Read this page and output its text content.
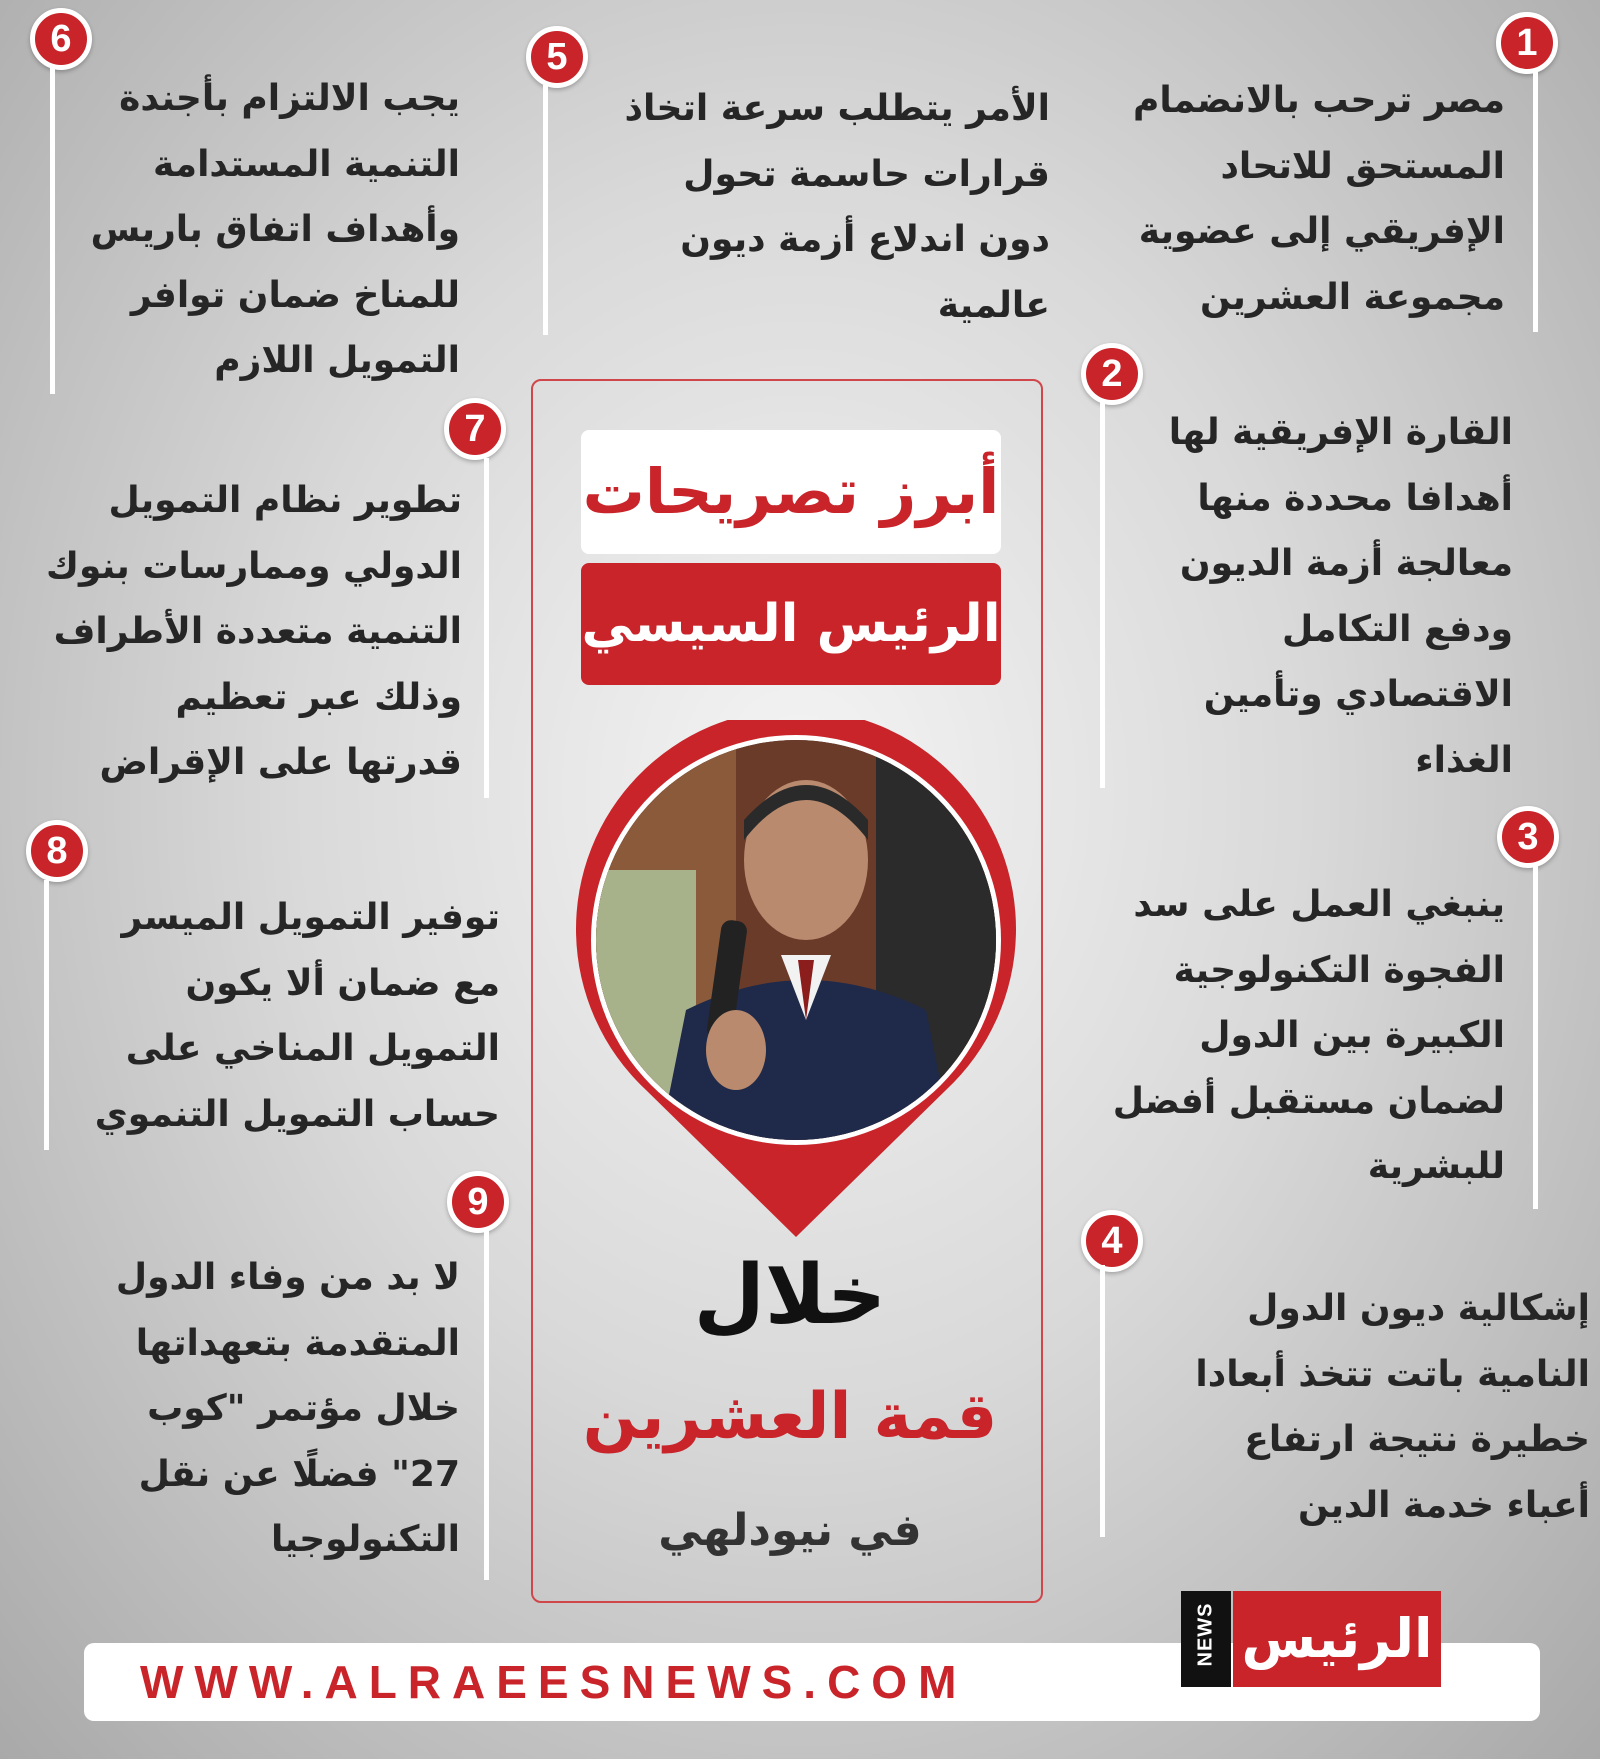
1
مصر ترحب بالانضمام
المستحق للاتحاد
الإفريقي إلى عضوية
مجموعة العشرين
2
القارة الإفريقية لها
أهدافا محددة منها
معالجة أزمة الديون
ودفع التكامل
الاقتصادي وتأمين
الغذاء
3
ينبغي العمل على سد
الفجوة التكنولوجية
الكبيرة بين الدول
لضمان مستقبل أفضل
للبشرية
4
إشكالية ديون الدول
النامية باتت تتخذ أبعادا
خطيرة نتيجة ارتفاع
أعباء خدمة الدين
5
الأمر يتطلب سرعة اتخاذ
قرارات حاسمة تحول
دون اندلاع أزمة ديون
عالمية
6
يجب الالتزام بأجندة
التنمية المستدامة
وأهداف اتفاق باريس
للمناخ ضمان توافر
التمويل اللازم
7
تطوير نظام التمويل
الدولي وممارسات بنوك
التنمية متعددة الأطراف
وذلك عبر تعظيم
قدرتها على الإقراض
8
توفير التمويل الميسر
مع ضمان ألا يكون
التمويل المناخي على
حساب التمويل التنموي
9
لا بد من وفاء الدول
المتقدمة بتعهداتها
خلال مؤتمر "كوب
27" فضلًا عن نقل
التكنولوجيا
أبرز تصريحات
الرئيس السيسي
خلال
قمة العشرين
في نيودلهي
WWW.ALRAEESNEWS.COM
NEWS الرئيس
